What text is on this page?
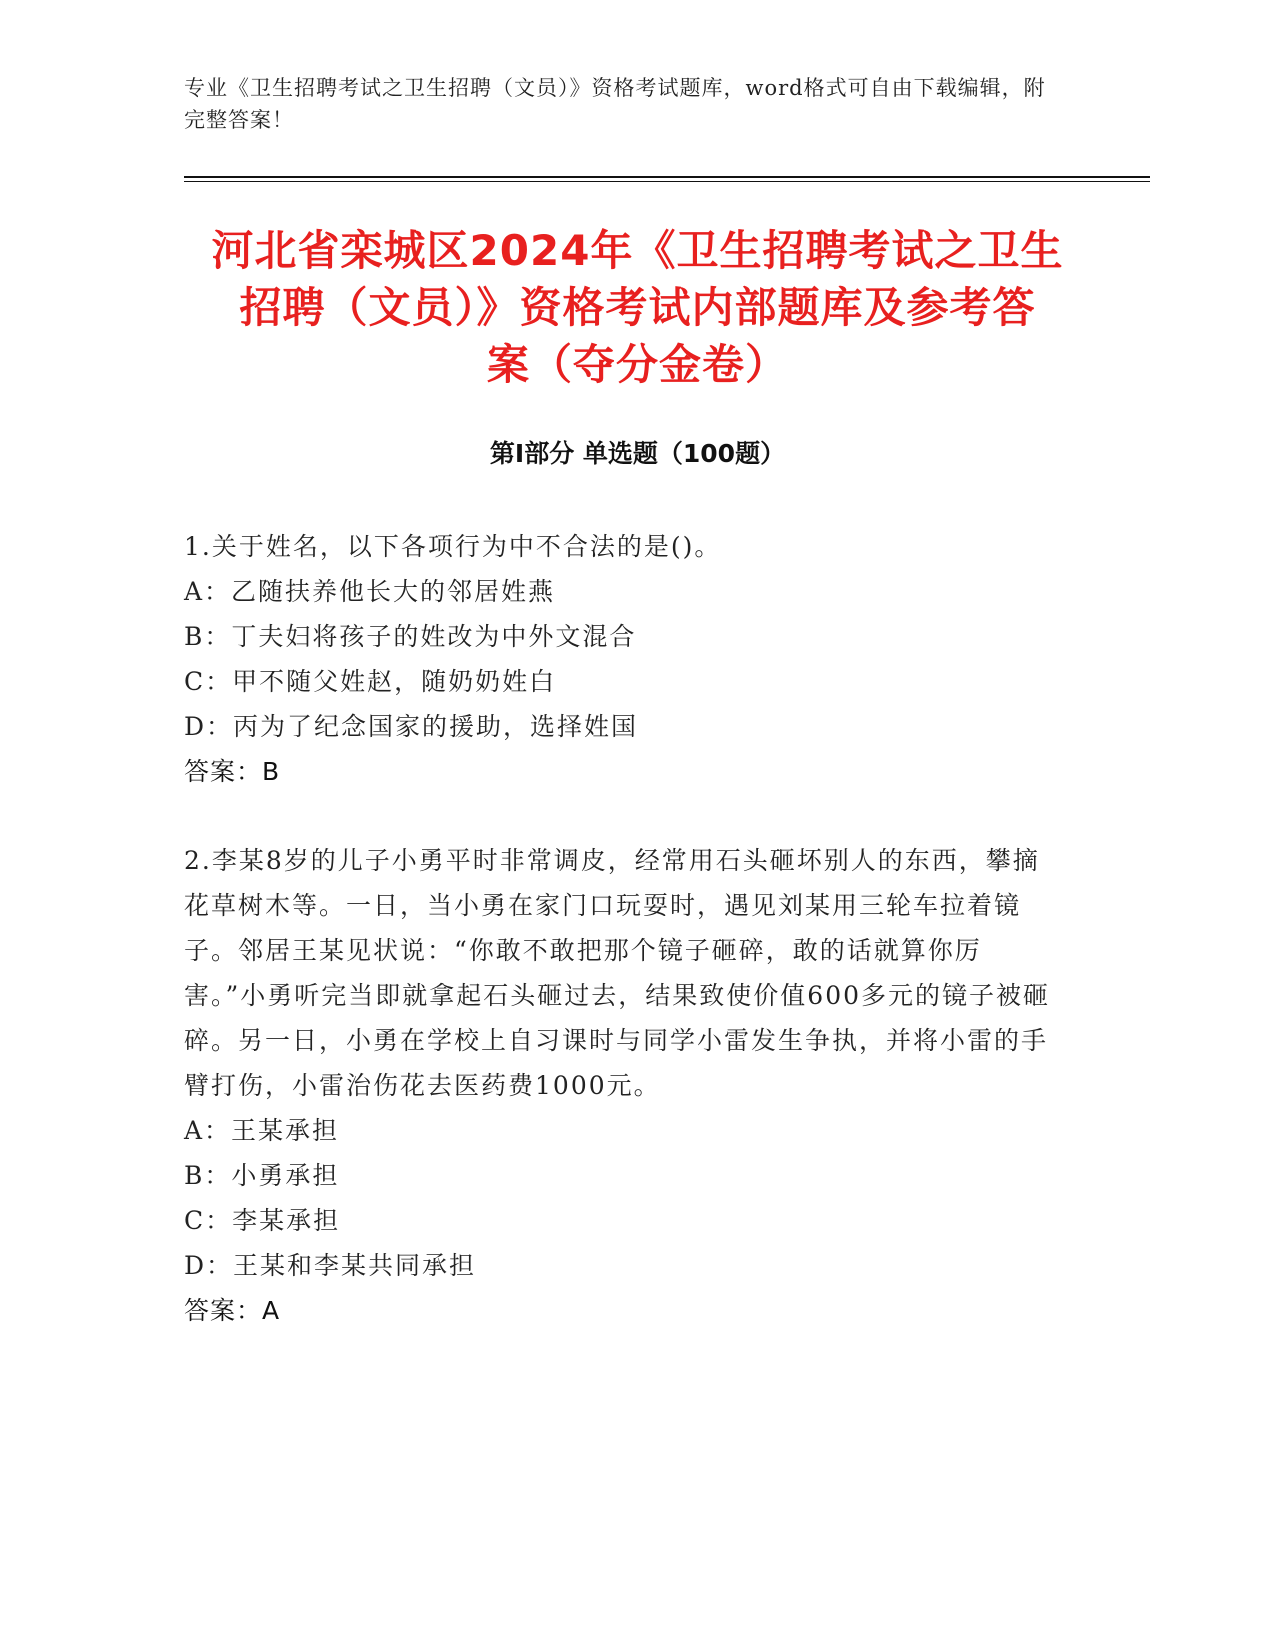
专业《卫生招聘考试之卫生招聘（文员）》资格考试题库，word格式可自由下载编辑，附完整答案！
河北省栾城区2024年《卫生招聘考试之卫生
招聘（文员）》资格考试内部题库及参考答
案（夺分金卷）
第I部分 单选题（100题）

1.关于姓名，以下各项行为中不合法的是()。

A：乙随扶养他长大的邻居姓燕

B：丁夫妇将孩子的姓改为中外文混合

C：甲不随父姓赵，随奶奶姓白

D：丙为了纪念国家的援助，选择姓国

答案：B

2.李某8岁的儿子小勇平时非常调皮，经常用石头砸坏别人的东西，攀摘花草树木等。一日，当小勇在家门口玩耍时，遇见刘某用三轮车拉着镜子。邻居王某见状说：“你敢不敢把那个镜子砸碎，敢的话就算你厉害。”小勇听完当即就拿起石头砸过去，结果致使价值600多元的镜子被砸碎。另一日，小勇在学校上自习课时与同学小雷发生争执，并将小雷的手臂打伤，小雷治伤花去医药费1000元。

A：王某承担

B：小勇承担

C：李某承担

D：王某和李某共同承担

答案：A
